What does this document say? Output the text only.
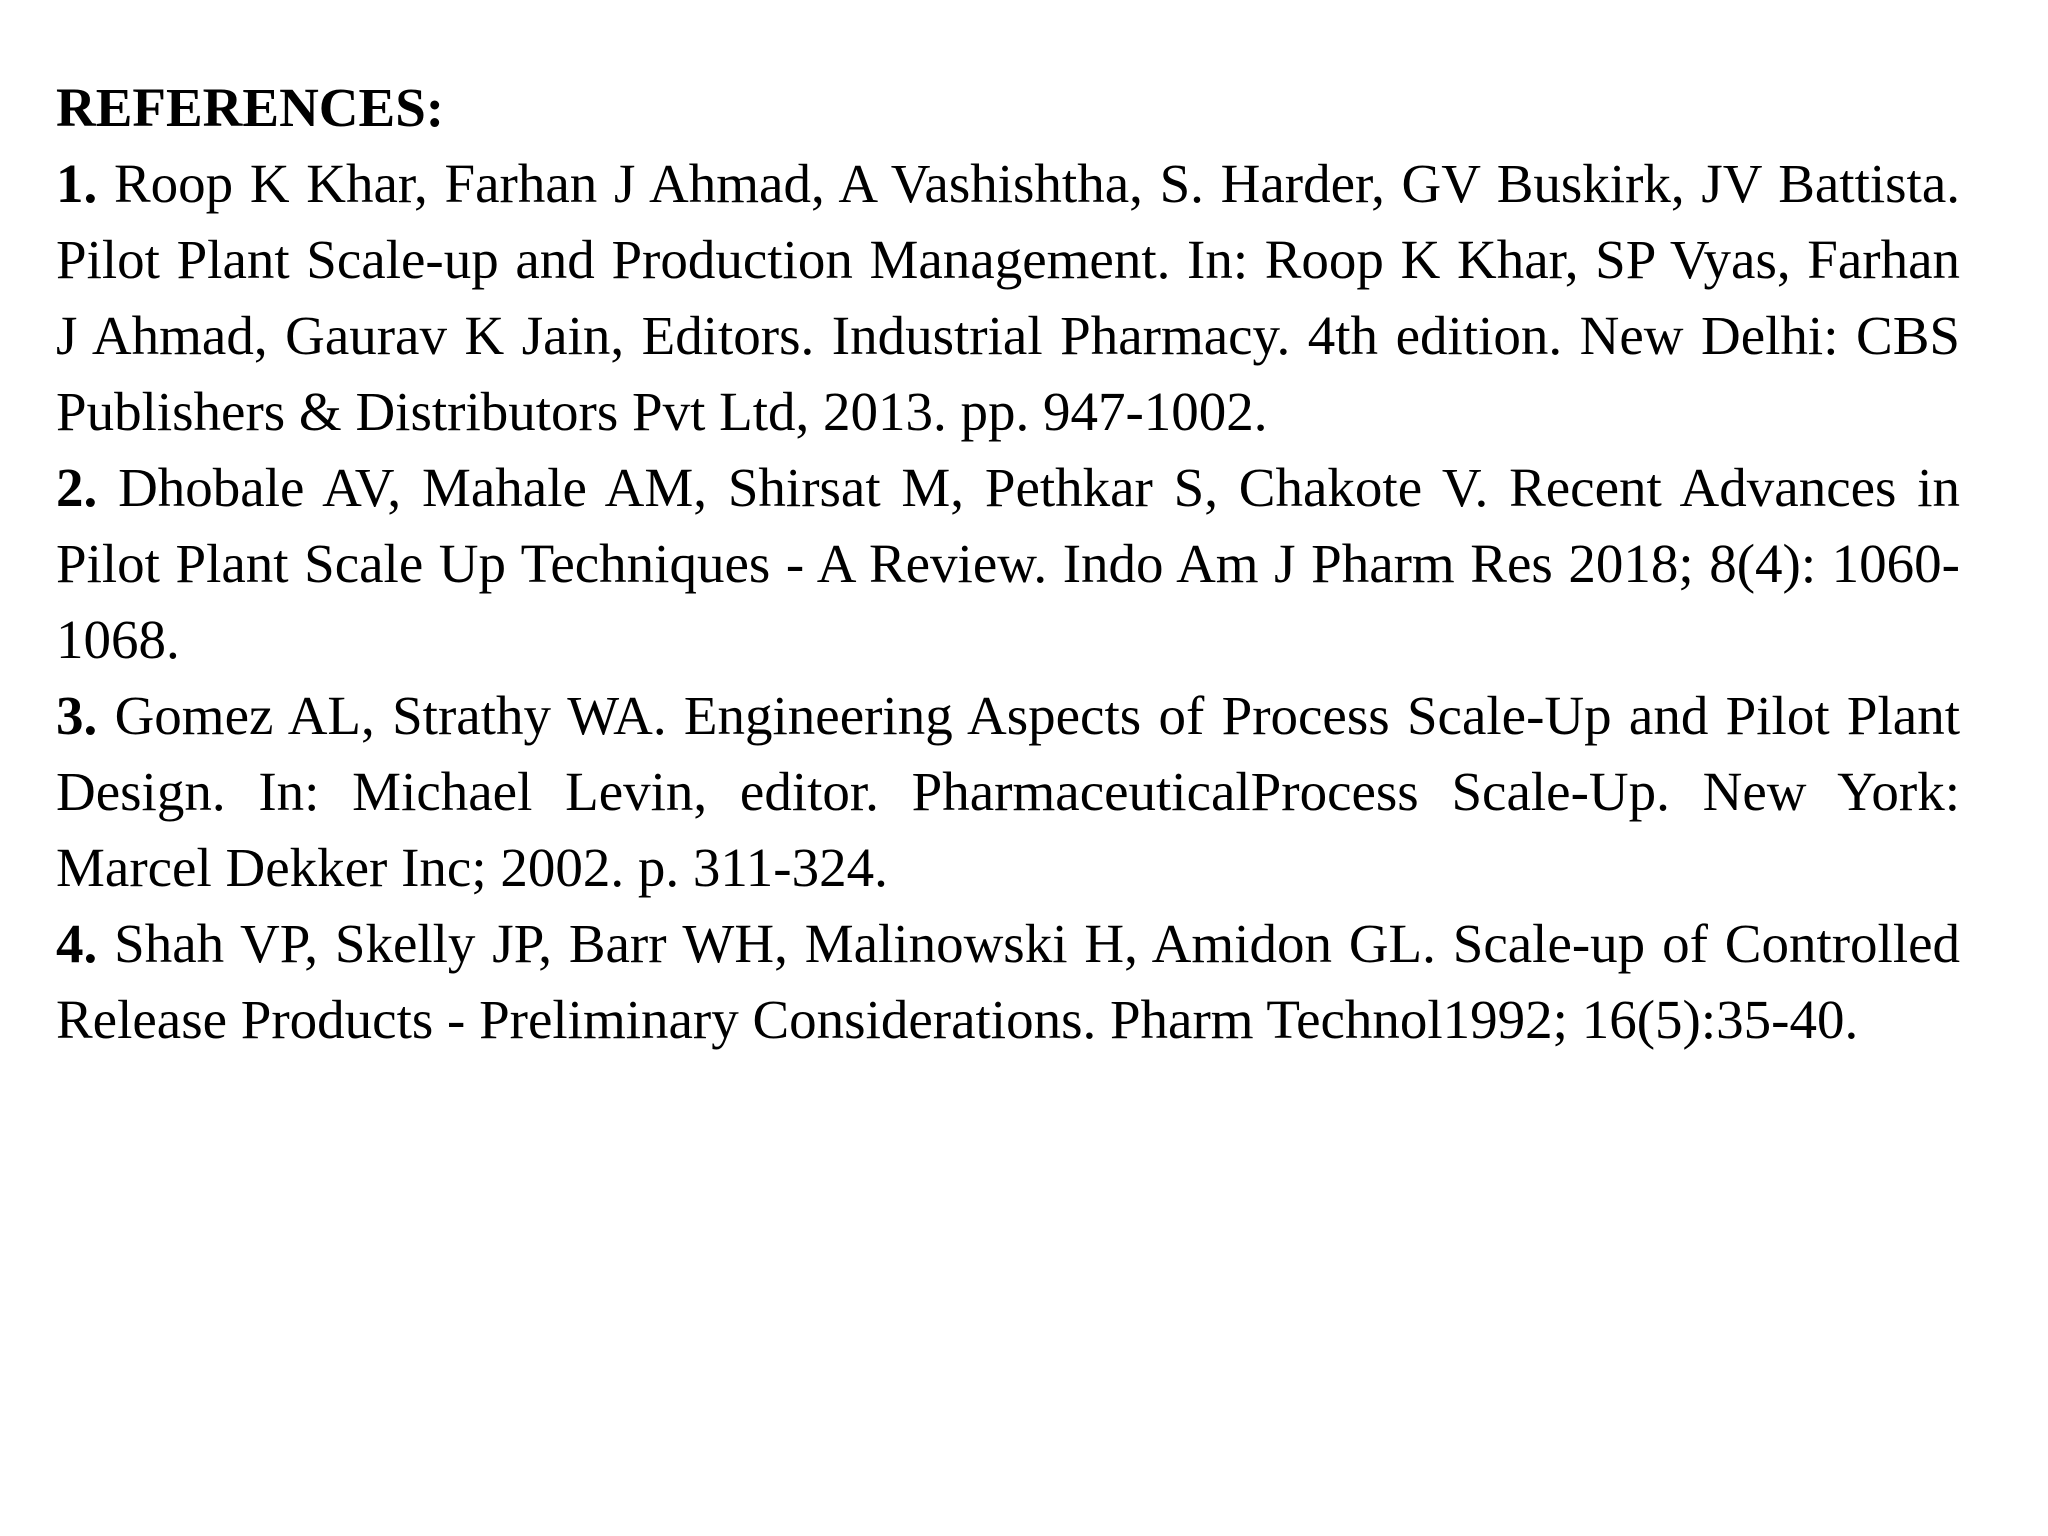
REFERENCES:

1. Roop K Khar, Farhan J Ahmad, A Vashishtha, S. Harder, GV Buskirk, JV Battista. Pilot Plant Scale-up and Production Management. In: Roop K Khar, SP Vyas, Farhan J Ahmad, Gaurav K Jain, Editors. Industrial Pharmacy. 4th edition. New Delhi: CBS Publishers & Distributors Pvt Ltd, 2013. pp. 947-1002.

2. Dhobale AV, Mahale AM, Shirsat M, Pethkar S, Chakote V. Recent Advances in Pilot Plant Scale Up Techniques - A Review. Indo Am J Pharm Res 2018; 8(4): 1060-1068.

3. Gomez AL, Strathy WA. Engineering Aspects of Process Scale-Up and Pilot Plant Design. In: Michael Levin, editor. PharmaceuticalProcess Scale-Up. New York: Marcel Dekker Inc; 2002. p. 311-324.

4. Shah VP, Skelly JP, Barr WH, Malinowski H, Amidon GL. Scale-up of Controlled Release Products - Preliminary Considerations. Pharm Technol1992; 16(5):35-40.
